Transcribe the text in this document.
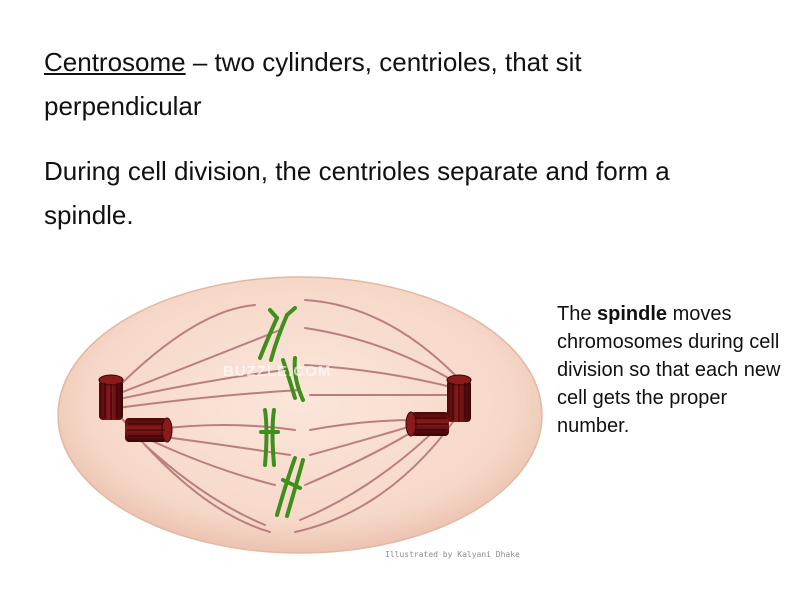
Centrosome – two cylinders, centrioles, that sit perpendicular

During cell division, the centrioles separate and form a spindle.

The spindle moves chromosomes during cell division so that each new cell gets the proper number.

BUZZLE.COM
Illustrated by Kalyani Dhake
